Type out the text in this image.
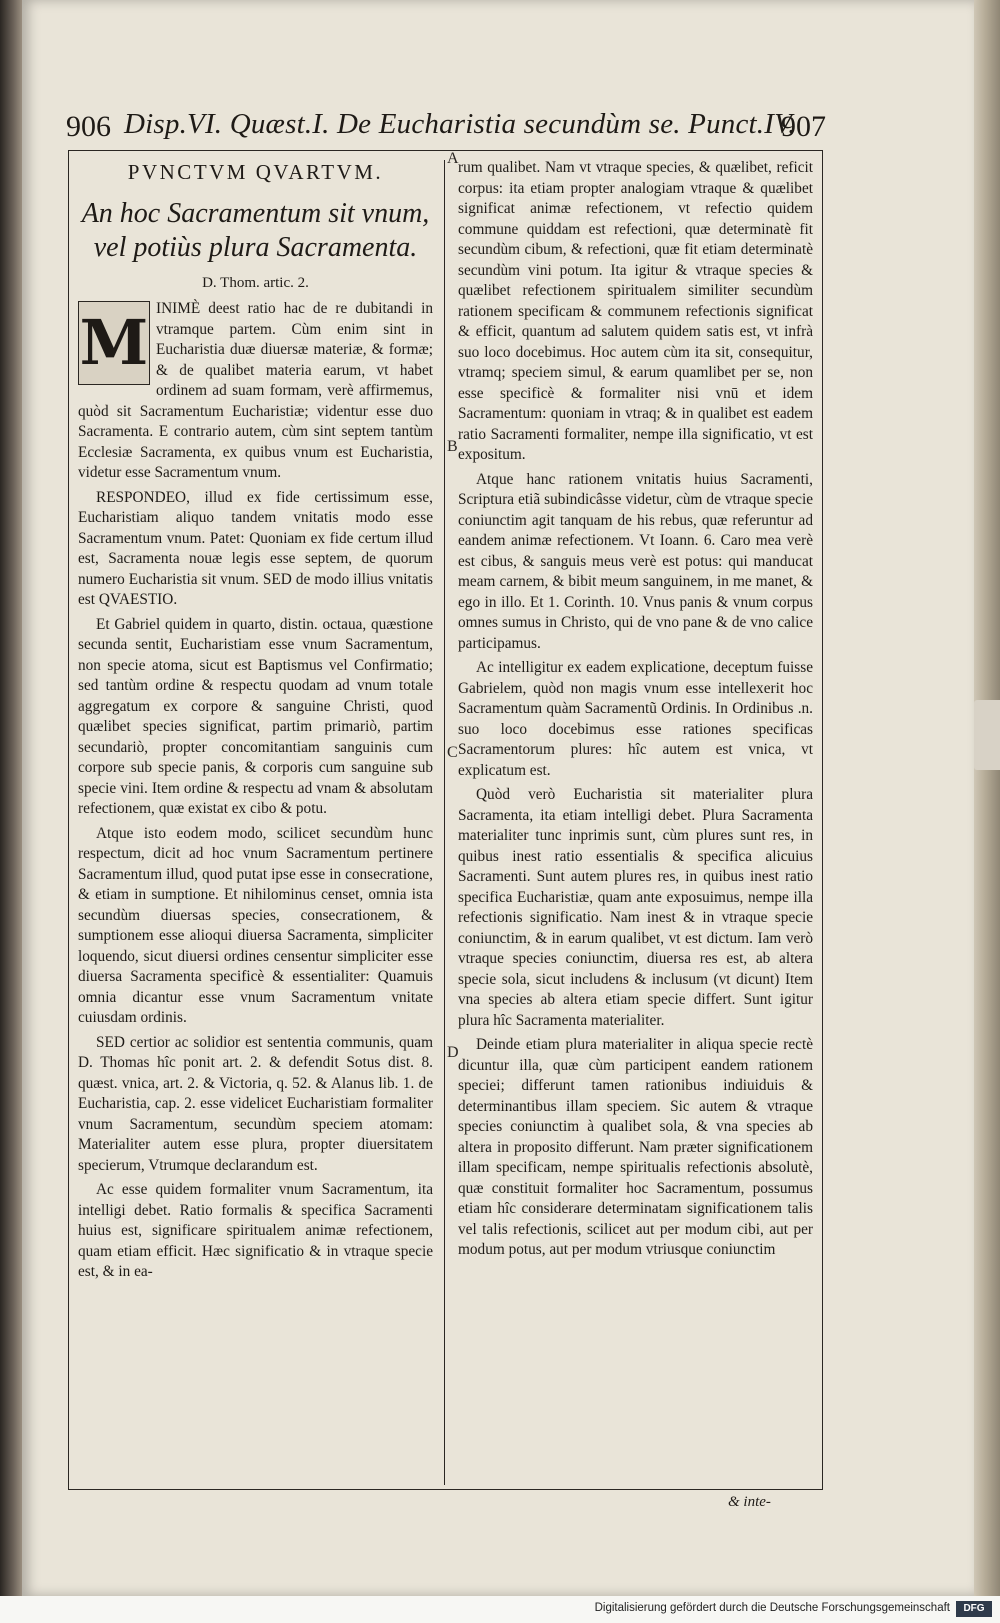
906 Disp.VI. Quæst.I. De Eucharistia secundùm se. Punct.IV.
907
A
B
C
D
PVNCTVM QVARTVM.
An hoc Sacramentum sit vnum, vel potiùs plura Sacramenta.
D. Thom. artic. 2.
M INIMÈ deest ratio hac de re dubitandi in vtramque partem. Cùm enim sint in Eucharistia duæ diuersæ materiæ, & formæ; & de qualibet materia earum, vt habet ordinem ad suam formam, verè affirmemus, quòd sit Sacramentum Eucharistiæ; videntur esse duo Sacramenta. E contrario autem, cùm sint septem tantùm Ecclesiæ Sacramenta, ex quibus vnum est Eucharistia, videtur esse Sacramentum vnum.

RESPONDEO, illud ex fide certissimum esse, Eucharistiam aliquo tandem vnitatis modo esse Sacramentum vnum. Patet: Quoniam ex fide certum illud est, Sacramenta nouæ legis esse septem, de quorum numero Eucharistia sit vnum. SED de modo illius vnitatis est QVAESTIO.

Et Gabriel quidem in quarto, distin. octaua, quæstione secunda sentit, Eucharistiam esse vnum Sacramentum, non specie atoma, sicut est Baptismus vel Confirmatio; sed tantùm ordine & respectu quodam ad vnum totale aggregatum ex corpore & sanguine Christi, quod quælibet species significat, partim primariò, partim secundariò, propter concomitantiam sanguinis cum corpore sub specie panis, & corporis cum sanguine sub specie vini. Item ordine & respectu ad vnam & absolutam refectionem, quæ existat ex cibo & potu.

Atque isto eodem modo, scilicet secundùm hunc respectum, dicit ad hoc vnum Sacramentum pertinere Sacramentum illud, quod putat ipse esse in consecratione, & etiam in sumptione. Et nihilominus censet, omnia ista secundùm diuersas species, consecrationem, & sumptionem esse alioqui diuersa Sacramenta, simpliciter loquendo, sicut diuersi ordines censentur simpliciter esse diuersa Sacramenta specificè & essentialiter: Quamuis omnia dicantur esse vnum Sacramentum vnitate cuiusdam ordinis.

SED certior ac solidior est sententia communis, quam D. Thomas hîc ponit art. 2. & defendit Sotus dist. 8. quæst. vnica, art. 2. & Victoria, q. 52. & Alanus lib. 1. de Eucharistia, cap. 2. esse videlicet Eucharistiam formaliter vnum Sacramentum, secundùm speciem atomam: Materialiter autem esse plura, propter diuersitatem specierum, Vtrumque declarandum est.

Ac esse quidem formaliter vnum Sacramentum, ita intelligi debet. Ratio formalis & specifica Sacramenti huius est, significare spiritualem animæ refectionem, quam etiam efficit. Hæc significatio & in vtraque specie est, & in ea-

rum qualibet. Nam vt vtraque species, & quælibet, reficit corpus: ita etiam propter analogiam vtraque & quælibet significat animæ refectionem, vt refectio quidem commune quiddam est refectioni, quæ determinatè fit secundùm cibum, & refectioni, quæ fit etiam determinatè secundùm vini potum. Ita igitur & vtraque species & quælibet refectionem spiritualem similiter secundùm rationem specificam & communem refectionis significat & efficit, quantum ad salutem quidem satis est, vt infrà suo loco docebimus. Hoc autem cùm ita sit, consequitur, vtramq; speciem simul, & earum quamlibet per se, non esse specificè & formaliter nisi vnū et idem Sacramentum: quoniam in vtraq; & in qualibet est eadem ratio Sacramenti formaliter, nempe illa significatio, vt est expositum.

Atque hanc rationem vnitatis huius Sacramenti, Scriptura etiã subindicâsse videtur, cùm de vtraque specie coniunctim agit tanquam de his rebus, quæ referuntur ad eandem animæ refectionem. Vt Ioann. 6. Caro mea verè est cibus, & sanguis meus verè est potus: qui manducat meam carnem, & bibit meum sanguinem, in me manet, & ego in illo. Et 1. Corinth. 10. Vnus panis & vnum corpus omnes sumus in Christo, qui de vno pane & de vno calice participamus.

Ac intelligitur ex eadem explicatione, deceptum fuisse Gabrielem, quòd non magis vnum esse intellexerit hoc Sacramentum quàm Sacramentũ Ordinis. In Ordinibus .n. suo loco docebimus esse rationes specificas Sacramentorum plures: hîc autem est vnica, vt explicatum est.

Quòd verò Eucharistia sit materialiter plura Sacramenta, ita etiam intelligi debet. Plura Sacramenta materialiter tunc inprimis sunt, cùm plures sunt res, in quibus inest ratio essentialis & specifica alicuius Sacramenti. Sunt autem plures res, in quibus inest ratio specifica Eucharistiæ, quam ante exposuimus, nempe illa refectionis significatio. Nam inest & in vtraque specie coniunctim, & in earum qualibet, vt est dictum. Iam verò vtraque species coniunctim, diuersa res est, ab altera specie sola, sicut includens & inclusum (vt dicunt) Item vna species ab altera etiam specie differt. Sunt igitur plura hîc Sacramenta materialiter.

Deinde etiam plura materialiter in aliqua specie rectè dicuntur illa, quæ cùm participent eandem rationem speciei; differunt tamen rationibus indiuiduis & determinantibus illam speciem. Sic autem & vtraque species coniunctim à qualibet sola, & vna species ab altera in proposito differunt. Nam præter significationem illam specificam, nempe spiritualis refectionis absolutè, quæ constituit formaliter hoc Sacramentum, possumus etiam hîc considerare determinatam significationem talis vel talis refectionis, scilicet aut per modum cibi, aut per modum potus, aut per modum vtriusque coniunctim

& inte-
Digitalisierung gefördert durch die Deutsche Forschungsgemeinschaft	DFG
